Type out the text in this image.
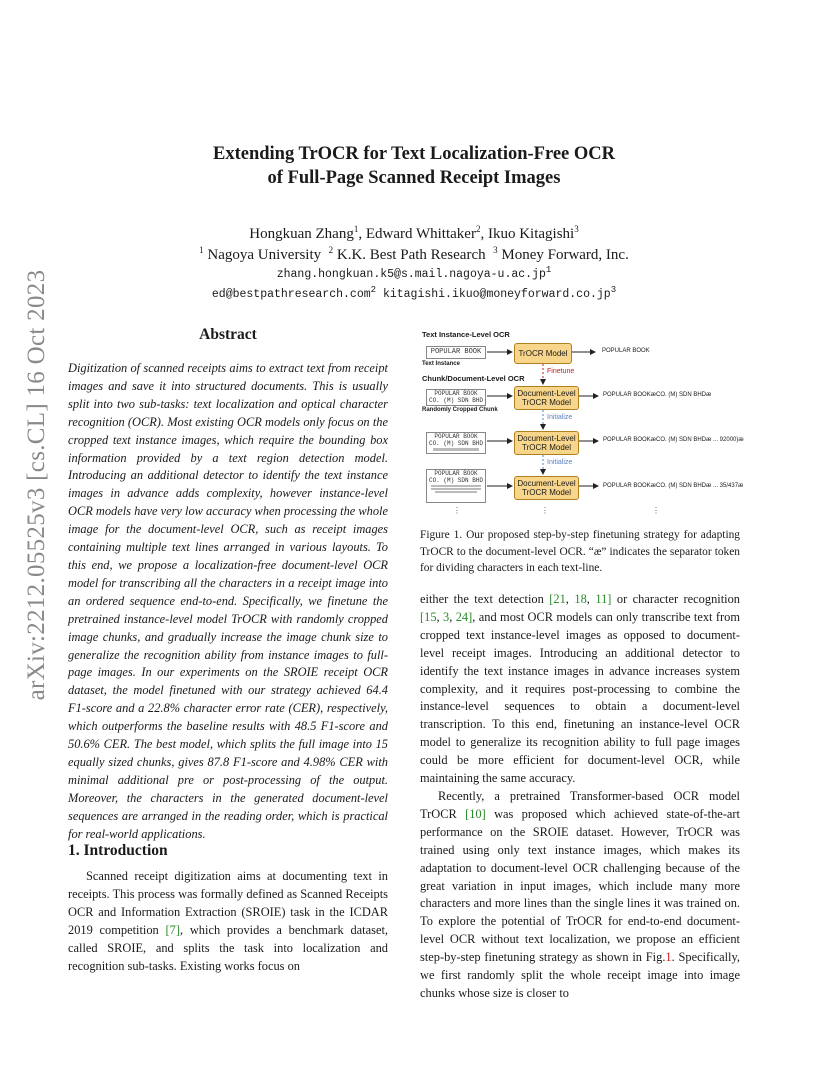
arXiv:2212.05525v3 [cs.CL] 16 Oct 2023
Extending TrOCR for Text Localization-Free OCR
of Full-Page Scanned Receipt Images
Hongkuan Zhang$^1$, Edward Whittaker$^2$, Ikuo Kitagishi$^3$
$^1$ Nagoya University $^2$ K.K. Best Path Research $^3$ Money Forward, Inc.
$zhang.hongkuan.k5@s.mail.nagoya-u.ac.jp^1$
ed@bestpathresearch.com$^2$ $kitagishi.ikuo@moneyforward.co.jp^3$
Abstract
Digitization of scanned receipts aims to extract text from receipt images and save it into structured documents. This is usually split into two sub-tasks: text localization and optical character recognition (OCR). Most existing OCR models only focus on the cropped text instance images, which require the bounding box information provided by a text region detection model. Introducing an additional detector to identify the text instance images in advance adds complexity, however instance-level OCR models have very low accuracy when processing the whole image for the document-level OCR, such as receipt images containing multiple text lines arranged in various layouts. To this end, we propose a localization-free document-level OCR model for transcribing all the characters in a receipt image into an ordered sequence end-to-end. Specifically, we finetune the pretrained instance-level model TrOCR with randomly cropped image chunks, and gradually increase the image chunk size to generalize the recognition ability from instance images to full-page images. In our experiments on the SROIE receipt OCR dataset, the model finetuned with our strategy achieved 64.4 F1-score and a 22.8% character error rate (CER), respectively, which outperforms the baseline results with 48.5 F1-score and 50.6% CER. The best model, which splits the full image into 15 equally sized chunks, gives 87.8 F1-score and 4.98% CER with minimal additional pre or post-processing of the output. Moreover, the characters in the generated document-level sequences are arranged in the reading order, which is practical for real-world applications.
1. Introduction
Scanned receipt digitization aims at documenting text in receipts. This process was formally defined as Scanned Receipts OCR and Information Extraction (SROIE) task in the ICDAR 2019 competition [7], which provides a benchmark dataset, called SROIE, and splits the task into localization and recognition sub-tasks. Existing works focus on
Text Instance-Level OCR
POPULAR BOOK
Text Instance
TrOCR Model	POPULAR BOOK
Finetune
Chunk/Document-Level OCR
POPULAR BOOK
CO. (M) SDN BHD
Randomly Cropped Chunk
Document-Level TrOCR Model
POPULAR BOOKæCO. (M) SDN BHDæ
Initialize
POPULAR BOOK
CO. (M) SDN BHD
Document-Level TrOCR Model
POPULAR BOOKæCO. (M) SDN BHDæ ... 92000)æ
Initialize
POPULAR BOOK
CO. (M) SDN BHD	Document-Level TrOCR Model
POPULAR BOOKæCO. (M) SDN BHDæ ... 35/437æ
⋮	⋮	⋮
Figure 1. Our proposed step-by-step finetuning strategy for adapting TrOCR to the document-level OCR. “æ” indicates the separator token for dividing characters in each text-line.

either the text detection [21, 18, 11] or character recognition [15, 3, 24], and most OCR models can only transcribe text from cropped text instance-level images as opposed to document-level receipt images. Introducing an additional detector to identify the text instance images in advance increases system complexity, and it requires post-processing to combine the instance-level sequences to obtain a document-level transcription. To this end, finetuning an instance-level OCR model to generalize its recognition ability to full page images could be more efficient for document-level OCR, while maintaining the same accuracy.

Recently, a pretrained Transformer-based OCR model TrOCR [10] was proposed which achieved state-of-the-art performance on the SROIE dataset. However, TrOCR was trained using only text instance images, which makes its adaptation to document-level OCR challenging because of the great variation in input images, which include many more characters and more lines than the single lines it was trained on. To explore the potential of TrOCR for end-to-end document-level OCR without text localization, we propose an efficient step-by-step finetuning strategy as shown in Fig.1. Specifically, we first randomly split the whole receipt image into image chunks whose size is closer to
